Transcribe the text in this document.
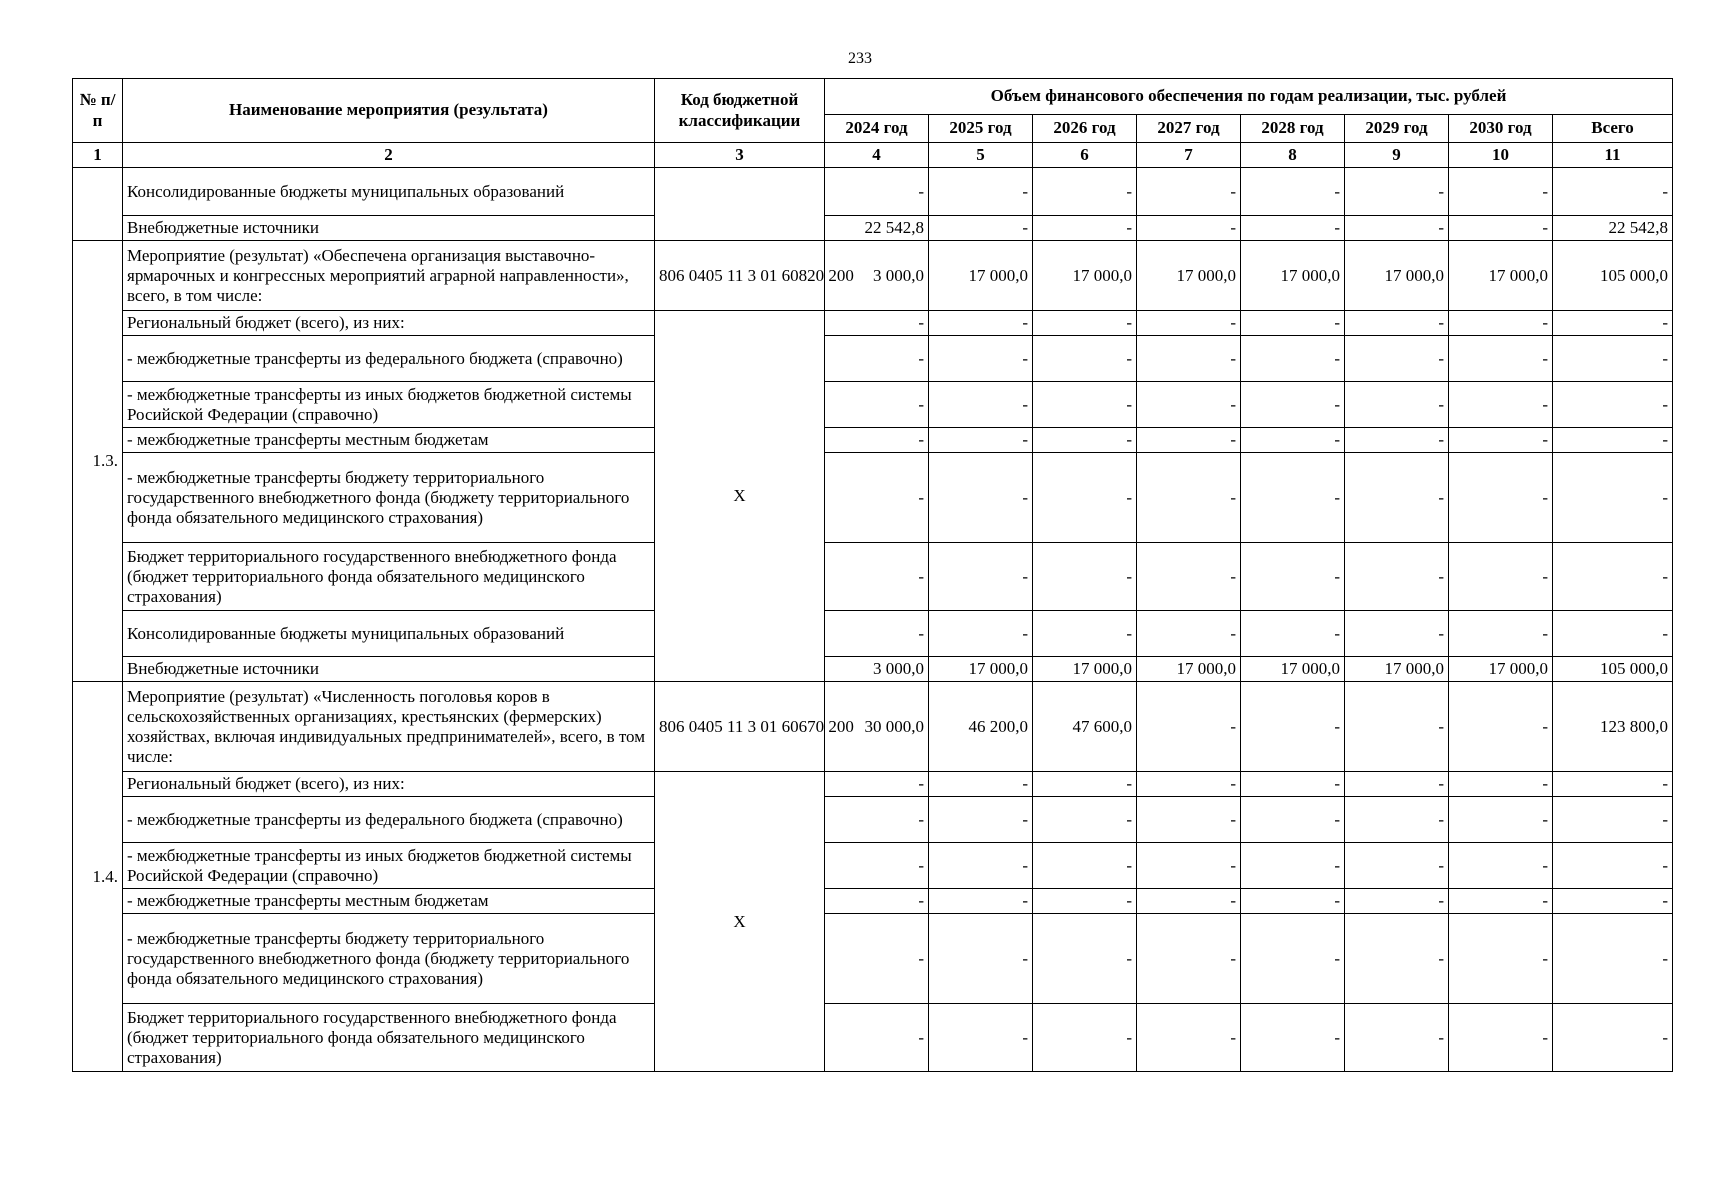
233
№ п/п	Наименование мероприятия (результата)	Код бюджетной классификации	Объем финансового обеспечения по годам реализации, тыс. рублей							
			2024 год	2025 год	2026 год	2027 год	2028 год	2029 год	2030 год	Всего
1	2	3	4	5	6	7	8	9	10	11
	Консолидированные бюджеты муниципальных образований		-	-	-	-	-	-	-	-
	Внебюджетные источники		22 542,8	-	-	-	-	-	-	22 542,8
1.3.	Мероприятие (результат) «Обеспечена организация выставочно-ярмарочных и конгрессных мероприятий аграрной направленности», всего, в том числе:	806 0405 11 3 01 60820 200	3 000,0	17 000,0	17 000,0	17 000,0	17 000,0	17 000,0	17 000,0	105 000,0
	Региональный бюджет (всего), из них:	X	-	-	-	-	-	-	-	-
	- межбюджетные трансферты из федерального бюджета (справочно)		-	-	-	-	-	-	-	-
	- межбюджетные трансферты из иных бюджетов бюджетной системы Росийской Федерации (справочно)		-	-	-	-	-	-	-	-
	- межбюджетные трансферты местным бюджетам		-	-	-	-	-	-	-	-
	- межбюджетные трансферты бюджету территориального государственного внебюджетного фонда (бюджету территориального фонда обязательного медицинского страхования)		-	-	-	-	-	-	-	-
	Бюджет территориального государственного внебюджетного фонда (бюджет территориального фонда обязательного медицинского страхования)		-	-	-	-	-	-	-	-
	Консолидированные бюджеты муниципальных образований		-	-	-	-	-	-	-	-
	Внебюджетные источники		3 000,0	17 000,0	17 000,0	17 000,0	17 000,0	17 000,0	17 000,0	105 000,0
1.4.	Мероприятие (результат) «Численность поголовья коров в сельскохозяйственных организациях, крестьянских (фермерских) хозяйствах, включая индивидуальных предпринимателей», всего, в том числе:	806 0405 11 3 01 60670 200	30 000,0	46 200,0	47 600,0	-	-	-	-	123 800,0
	Региональный бюджет (всего), из них:	X	-	-	-	-	-	-	-	-
	- межбюджетные трансферты из федерального бюджета (справочно)		-	-	-	-	-	-	-	-
	- межбюджетные трансферты из иных бюджетов бюджетной системы Росийской Федерации (справочно)		-	-	-	-	-	-	-	-
	- межбюджетные трансферты местным бюджетам		-	-	-	-	-	-	-	-
	- межбюджетные трансферты бюджету территориального государственного внебюджетного фонда (бюджету территориального фонда обязательного медицинского страхования)		-	-	-	-	-	-	-	-
	Бюджет территориального государственного внебюджетного фонда (бюджет территориального фонда обязательного медицинского страхования)		-	-	-	-	-	-	-	-
